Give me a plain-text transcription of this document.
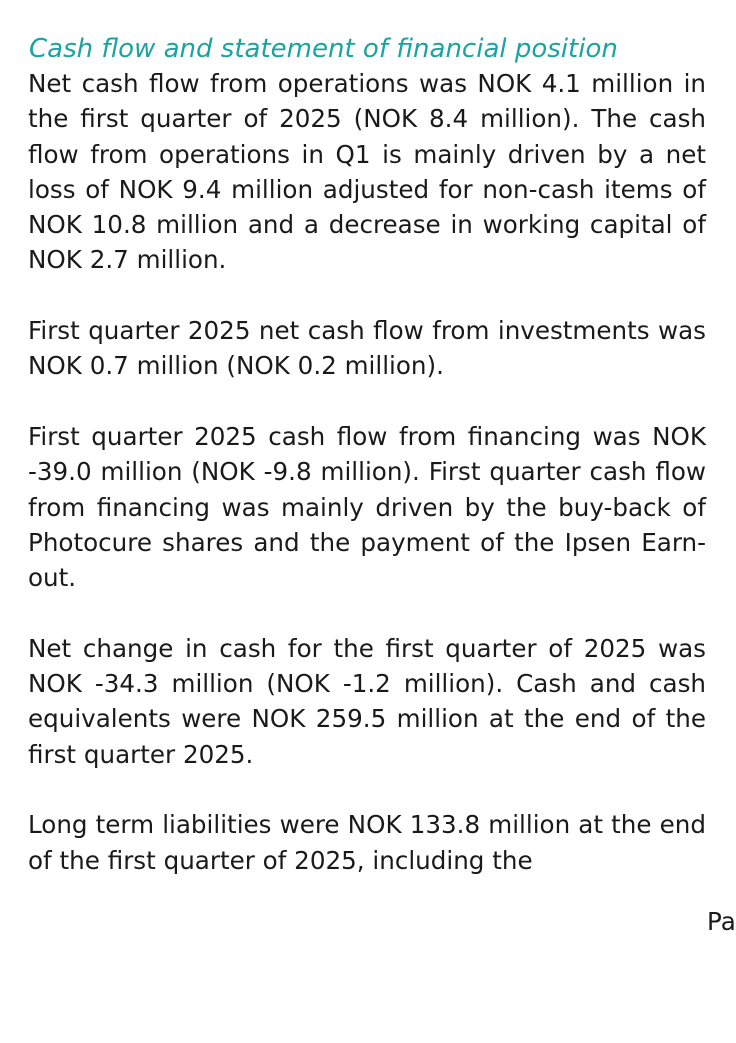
Cash flow and statement of financial position

Net cash flow from operations was NOK 4.1 million in the first quarter of 2025 (NOK 8.4 million). The cash flow from operations in Q1 is mainly driven by a net loss of NOK 9.4 million adjusted for non-cash items of NOK 10.8 million and a decrease in working capital of NOK 2.7 million.

First quarter 2025 net cash flow from investments was NOK 0.7 million (NOK 0.2 million).

First quarter 2025 cash flow from financing was NOK -39.0 million (NOK -9.8 million). First quarter cash flow from financing was mainly driven by the buy-back of Photocure shares and the payment of the Ipsen Earn-out.

Net change in cash for the first quarter of 2025 was NOK -34.3 million (NOK -1.2 million). Cash and cash equivalents were NOK 259.5 million at the end of the first quarter 2025.

Long term liabilities were NOK 133.8 million at the end of the first quarter of 2025, including the

Pa
